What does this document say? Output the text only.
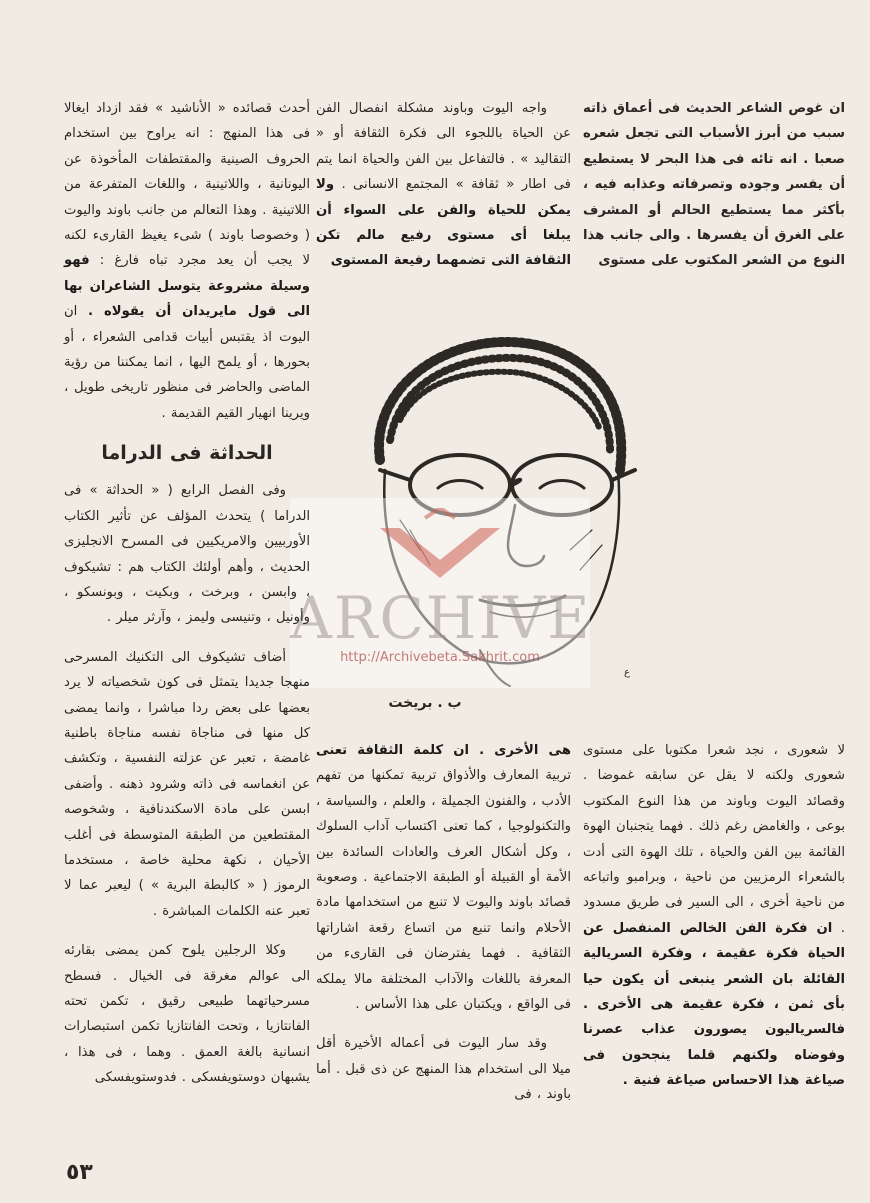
ان غوص الشاعر الحديث فى أعماق ذاته سبب من أبرز الأسباب التى تجعل شعره صعبا . انه تائه فى هذا البحر لا يستطيع أن يفسر وجوده وتصرفاته وعذابه فيه ، بأكثر مما يستطيع الحالم أو المشرف على الغرق أن يفسرها . والى جانب هذا النوع من الشعر المكتوب على مستوى

لا شعورى ، نجد شعرا مكتوبا على مستوى شعورى ولكنه لا يقل عن سابقه غموضا . وقصائد اليوت وباوند من هذا النوع المكتوب بوعى ، والغامض رغم ذلك . فهما يتجنبان الهوة القائمة بين الفن والحياة ، تلك الهوة التى أدت بالشعراء الرمزيين من ناحية ، وبرامبو واتباعه من ناحية أخرى ، الى السير فى طريق مسدود . ان فكرة الفن الخالص المنفصل عن الحياة فكرة عقيمة ، وفكرة السريالية القائلة بان الشعر ينبغى أن يكون حيا بأى ثمن ، فكرة عقيمة هى الأخرى . فالسرياليون يصورون عذاب عصرنا وفوضاه ولكنهم قلما ينجحون فى صياغة هذا الاحساس صياغة فنية .

واجه اليوت وباوند مشكلة انفصال الفن عن الحياة باللجوء الى فكرة الثقافة أو « التقاليد » . فالتفاعل بين الفن والحياة انما يتم فى اطار « ثقافة » المجتمع الانسانى . ولا يمكن للحياة والفن على السواء أن يبلغا أى مستوى رفيع مالم تكن الثقافة التى تضمهما رفيعة المستوى

ع
ARCHIVE
http://Archivebeta.Sakhrit.com
ب . بريخت

هى الأخرى . ان كلمة الثقافة تعنى تربية المعارف والأذواق تربية تمكنها من تفهم الأدب ، والفنون الجميلة ، والعلم ، والسياسة ، والتكنولوجيا ، كما تعنى اكتساب آداب السلوك ، وكل أشكال العرف والعادات السائدة بين الأمة أو القبيلة أو الطبقة الاجتماعية . وصعوبة قصائد باوند واليوت لا تنبع من استخدامها مادة الأحلام وانما تنبع من اتساع رقعة اشاراتها الثقافية . فهما يفترضان فى القارىء من المعرفة باللغات والآداب المختلفة مالا يملكه فى الواقع ، ويكتبان على هذا الأساس .

وقد سار اليوت فى أعماله الأخيرة أقل ميلا الى استخدام هذا المنهج عن ذى قبل . أما باوند ، فى

أحدث قصائده « الأناشيد » فقد ازداد ايغالا فى هذا المنهج : انه يراوح بين استخدام الحروف الصينية والمقتطفات المأخوذة عن اليونانية ، واللاتينية ، واللغات المتفرعة من اللاتينية . وهذا التعالم من جانب باوند واليوت ( وخصوصا باوند ) شىء يغيظ القارىء لكنه لا يجب أن يعد مجرد تباه فارغ : فهو وسيلة مشروعة يتوسل الشاعران بها الى قول مايريدان أن يقولاه . ان اليوت اذ يقتبس أبيات قدامى الشعراء ، أو بحورها ، أو يلمح اليها ، انما يمكننا من رؤية الماضى والحاضر فى منظور تاريخى طويل ، ويرينا انهيار القيم القديمة .

الحداثة فى الدراما

وفى الفصل الرابع ( « الحداثة » فى الدراما ) يتحدث المؤلف عن تأثير الكتاب الأوربيين والامريكيين فى المسرح الانجليزى الحديث ، وأهم أولئك الكتاب هم : تشيكوف ، وابسن ، وبرخت ، وبكيت ، وبونسكو ، وأونيل ، وتنيسى وليمز ، وآرثر ميلر .

أضاف تشيكوف الى التكنيك المسرحى منهجا جديدا يتمثل فى كون شخصياته لا يرد بعضها على بعض ردا مباشرا ، وانما يمضى كل منها فى مناجاة نفسه مناجاة باطنية غامضة ، تعبر عن عزلته النفسية ، وتكشف عن انغماسه فى ذاته وشرود ذهنه . وأضفى ابسن على مادة الاسكندنافية ، وشخوصه المقتطعين من الطبقة المتوسطة فى أغلب الأحيان ، نكهة محلية خاصة ، مستخدما الرموز ( « كالبطة البرية » ) ليعبر عما لا تعبر عنه الكلمات المباشرة .

وكلا الرجلين يلوح كمن يمضى بقارئه الى عوالم مغرقة فى الخيال . فسطح مسرحياتهما طبيعى رقيق ، تكمن تحته الفانتازيا ، وتحت الفانتازيا تكمن استبصارات انسانية بالغة العمق . وهما ، فى هذا ، يشبهان دوستويفسكى . فدوستويفسكى

٥٣
